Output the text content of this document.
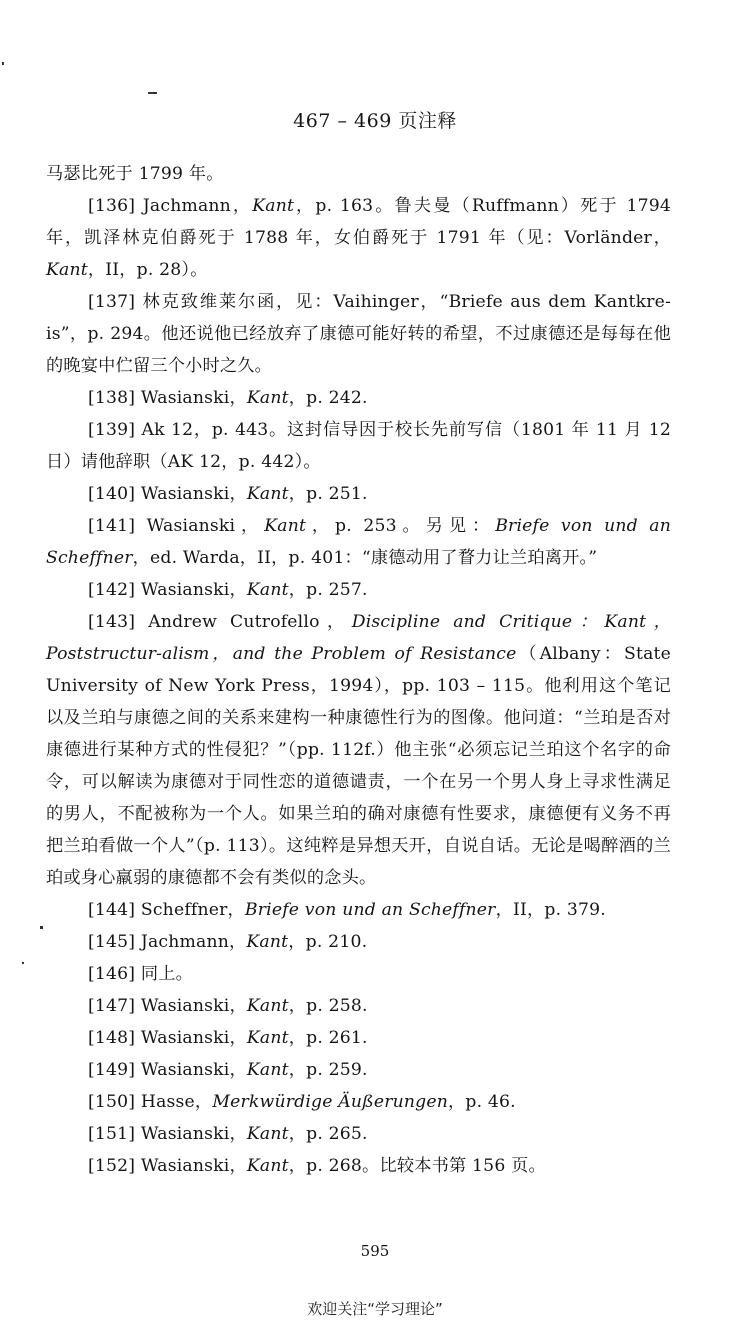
467 – 469 页注释

马瑟比死于 1799 年。

[136] Jachmann，Kant，p. 163。鲁夫曼（Ruffmann）死于 1794 年，凯泽林克伯爵死于 1788 年，女伯爵死于 1791 年（见：Vorländer，Kant，II，p. 28）。

[137] 林克致维莱尔函，见：Vaihinger，“Briefe aus dem Kantkre-is”，p. 294。他还说他已经放弃了康德可能好转的希望，不过康德还是每每在他的晚宴中伫留三个小时之久。

[138] Wasianski，Kant，p. 242.

[139] Ak 12，p. 443。这封信导因于校长先前写信（1801 年 11 月 12 日）请他辞职（AK 12，p. 442）。

[140] Wasianski，Kant，p. 251.

[141] Wasianski，Kant，p. 253。另见：Briefe von und an Scheffner，ed. Warda，II，p. 401：“康德动用了瞀力让兰珀离开。”

[142] Wasianski，Kant，p. 257.

[143] Andrew Cutrofello，Discipline and Critique：Kant，Poststructur-alism，and the Problem of Resistance（Albany：State University of New York Press，1994），pp. 103 – 115。他利用这个笔记以及兰珀与康德之间的关系来建构一种康德性行为的图像。他问道：“兰珀是否对康德进行某种方式的性侵犯？”（pp. 112f.）他主张“必须忘记兰珀这个名字的命令，可以解读为康德对于同性恋的道德谴责，一个在另一个男人身上寻求性满足的男人，不配被称为一个人。如果兰珀的确对康德有性要求，康德便有义务不再把兰珀看做一个人”（p. 113）。这纯粹是异想天开，自说自话。无论是喝醉酒的兰珀或身心羸弱的康德都不会有类似的念头。

[144] Scheffner，Briefe von und an Scheffner，II，p. 379.

[145] Jachmann，Kant，p. 210.

[146] 同上。

[147] Wasianski，Kant，p. 258.

[148] Wasianski，Kant，p. 261.

[149] Wasianski，Kant，p. 259.

[150] Hasse，Merkwürdige Äußerungen，p. 46.

[151] Wasianski，Kant，p. 265.

[152] Wasianski，Kant，p. 268。比较本书第 156 页。

595
欢迎关注“学习理论”
